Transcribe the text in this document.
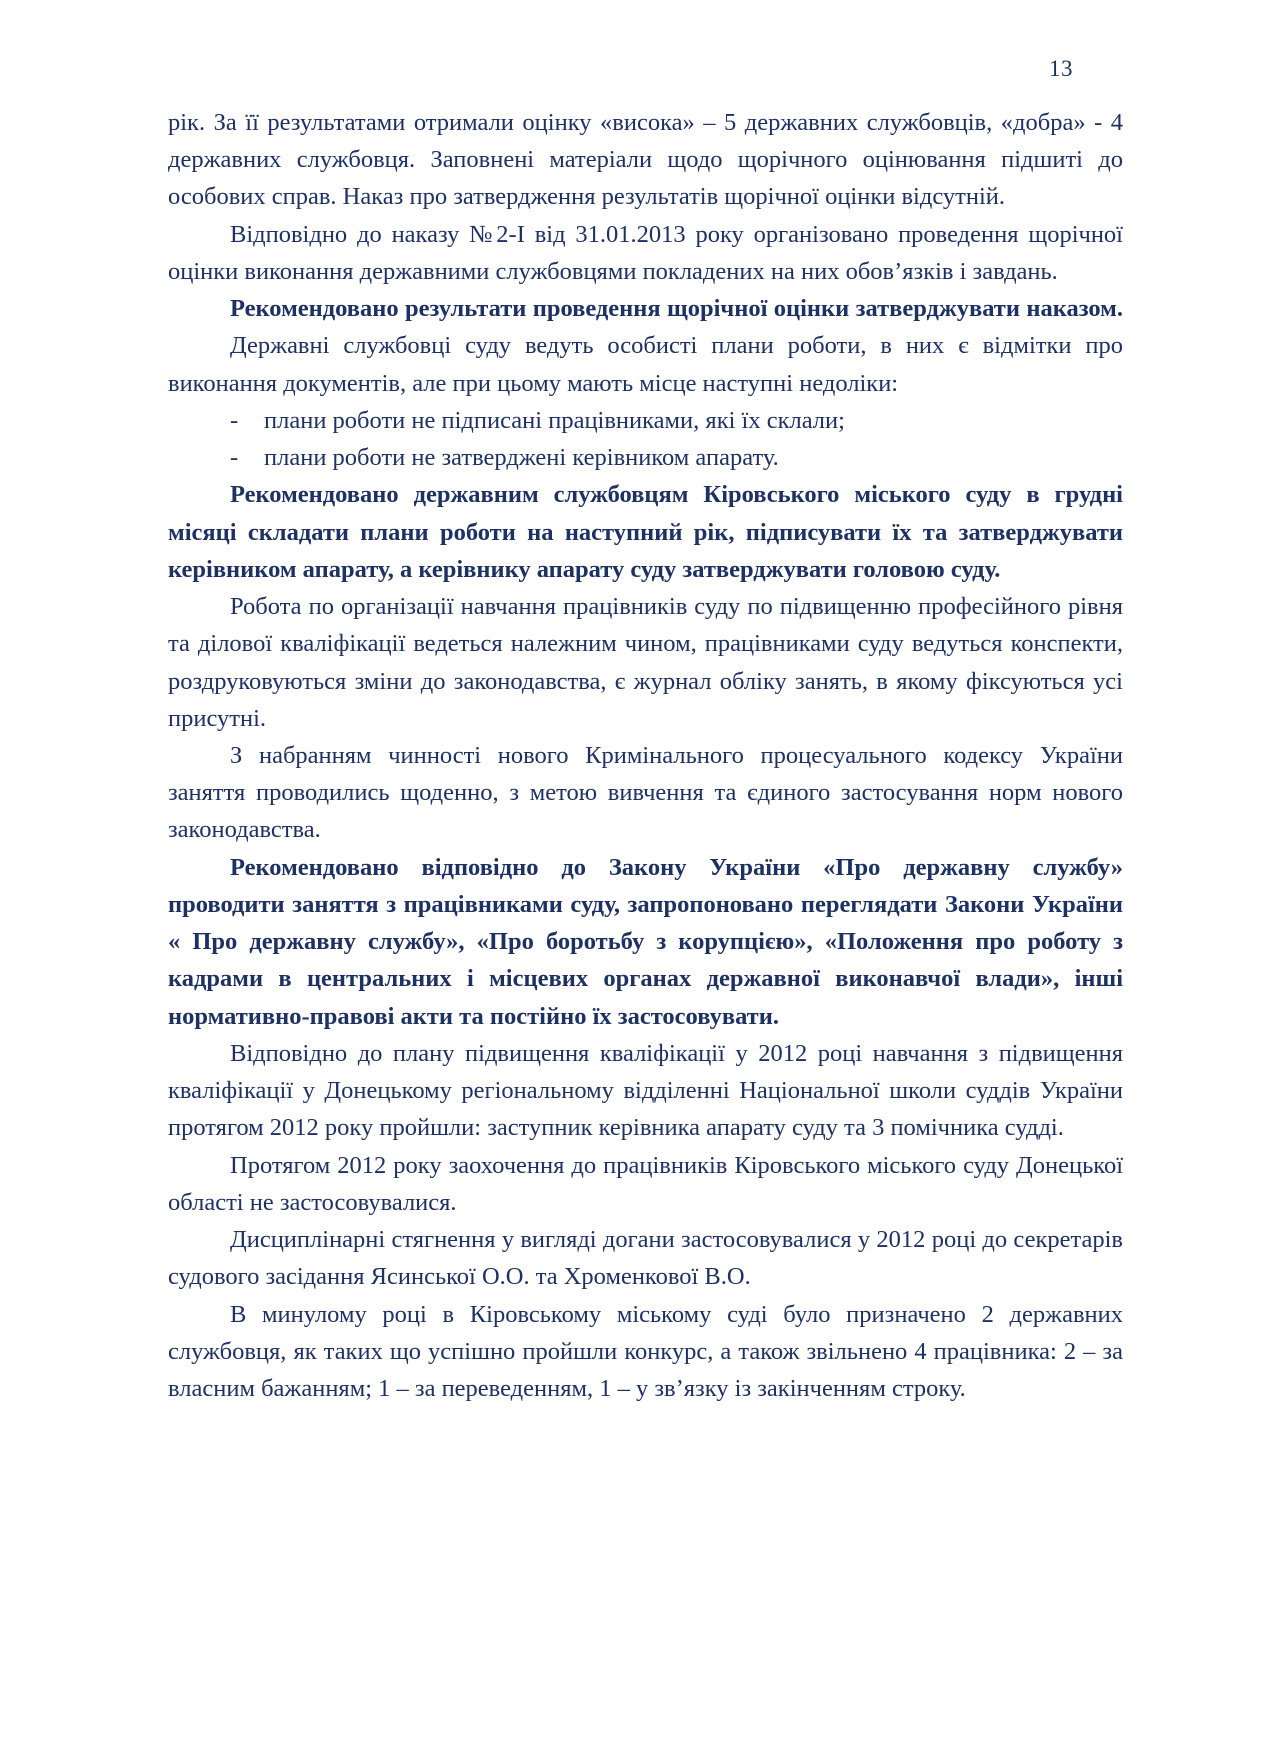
13

рік. За її результатами отримали оцінку «висока» – 5 державних службовців, «добра» - 4 державних службовця. Заповнені матеріали щодо щорічного оцінювання підшиті до особових справ. Наказ про затвердження результатів щорічної оцінки відсутній.

Відповідно до наказу №2-І від 31.01.2013 року організовано проведення щорічної оцінки виконання державними службовцями покладених на них обов’язків і завдань.

Рекомендовано результати проведення щорічної оцінки затверджувати наказом.

Державні службовці суду ведуть особисті плани роботи, в них є відмітки про виконання документів, але при цьому мають місце наступні недоліки:

-	плани роботи не підписані працівниками, які їх склали;
-	плани роботи не затверджені керівником апарату.

Рекомендовано державним службовцям Кіровського міського суду в грудні місяці складати плани роботи на наступний рік, підписувати їх та затверджувати керівником апарату, а керівнику апарату суду затверджувати головою суду.

Робота по організації навчання працівників суду по підвищенню професійного рівня та ділової кваліфікації ведеться належним чином, працівниками суду ведуться конспекти, роздруковуються зміни до законодавства, є журнал обліку занять, в якому фіксуються усі присутні.

З набранням чинності нового Кримінального процесуального кодексу України заняття проводились щоденно, з метою вивчення та єдиного застосування норм нового законодавства.

Рекомендовано відповідно до Закону України «Про державну службу» проводити заняття з працівниками суду, запропоновано переглядати Закони України « Про державну службу», «Про боротьбу з корупцією», «Положення про роботу з кадрами в центральних і місцевих органах державної виконавчої влади», інші нормативно-правові акти та постійно їх застосовувати.

Відповідно до плану підвищення кваліфікації у 2012 році навчання з підвищення кваліфікації у Донецькому регіональному відділенні Національної школи суддів України протягом 2012 року пройшли: заступник керівника апарату суду та 3 помічника судді.

Протягом 2012 року заохочення до працівників Кіровського міського суду Донецької області не застосовувалися.

Дисциплінарні стягнення у вигляді догани застосовувалися у 2012 році до секретарів судового засідання Ясинської О.О. та Хроменкової В.О.

В минулому році в Кіровському міському суді було призначено 2 державних службовця, як таких що успішно пройшли конкурс, а також звільнено 4 працівника: 2 – за власним бажанням; 1 – за переведенням, 1 – у зв’язку із закінченням строку.
